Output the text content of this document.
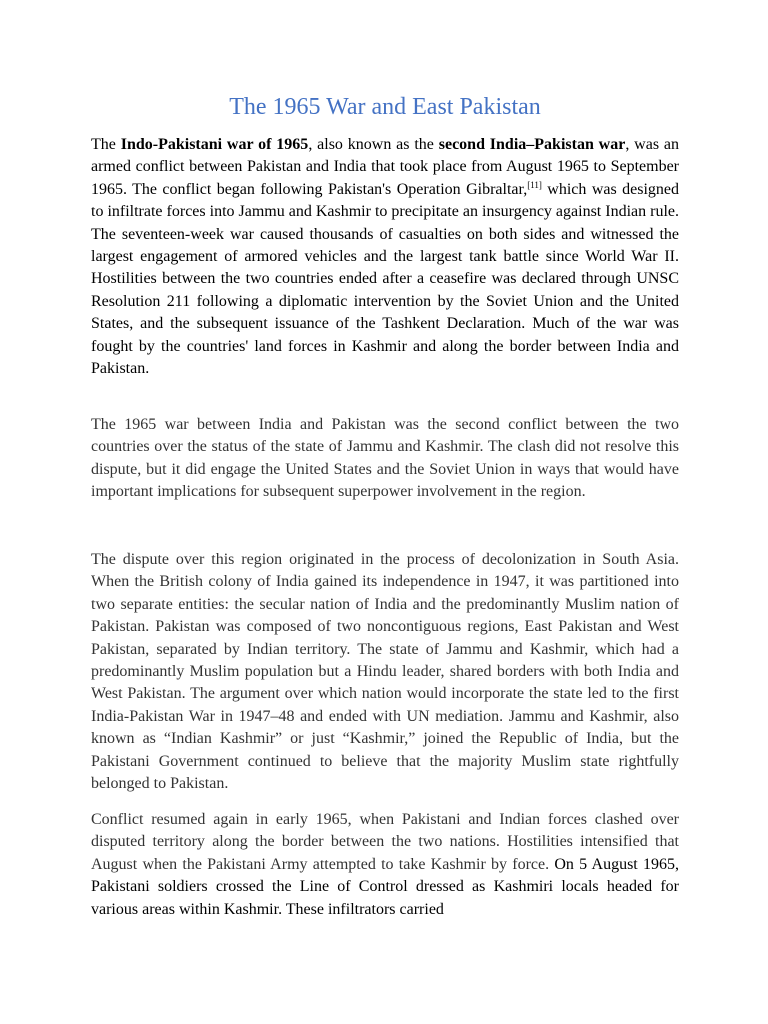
The 1965 War and East Pakistan

The Indo-Pakistani war of 1965, also known as the second India–Pakistan war, was an armed conflict between Pakistan and India that took place from August 1965 to September 1965. The conflict began following Pakistan's Operation Gibraltar,[11] which was designed to infiltrate forces into Jammu and Kashmir to precipitate an insurgency against Indian rule. The seventeen-week war caused thousands of casualties on both sides and witnessed the largest engagement of armored vehicles and the largest tank battle since World War II. Hostilities between the two countries ended after a ceasefire was declared through UNSC Resolution 211 following a diplomatic intervention by the Soviet Union and the United States, and the subsequent issuance of the Tashkent Declaration. Much of the war was fought by the countries' land forces in Kashmir and along the border between India and Pakistan.

The 1965 war between India and Pakistan was the second conflict between the two countries over the status of the state of Jammu and Kashmir. The clash did not resolve this dispute, but it did engage the United States and the Soviet Union in ways that would have important implications for subsequent superpower involvement in the region.

The dispute over this region originated in the process of decolonization in South Asia. When the British colony of India gained its independence in 1947, it was partitioned into two separate entities: the secular nation of India and the predominantly Muslim nation of Pakistan. Pakistan was composed of two noncontiguous regions, East Pakistan and West Pakistan, separated by Indian territory. The state of Jammu and Kashmir, which had a predominantly Muslim population but a Hindu leader, shared borders with both India and West Pakistan. The argument over which nation would incorporate the state led to the first India-Pakistan War in 1947–48 and ended with UN mediation. Jammu and Kashmir, also known as “Indian Kashmir” or just “Kashmir,” joined the Republic of India, but the Pakistani Government continued to believe that the majority Muslim state rightfully belonged to Pakistan.

Conflict resumed again in early 1965, when Pakistani and Indian forces clashed over disputed territory along the border between the two nations. Hostilities intensified that August when the Pakistani Army attempted to take Kashmir by force. On 5 August 1965, Pakistani soldiers crossed the Line of Control dressed as Kashmiri locals headed for various areas within Kashmir. These infiltrators carried
